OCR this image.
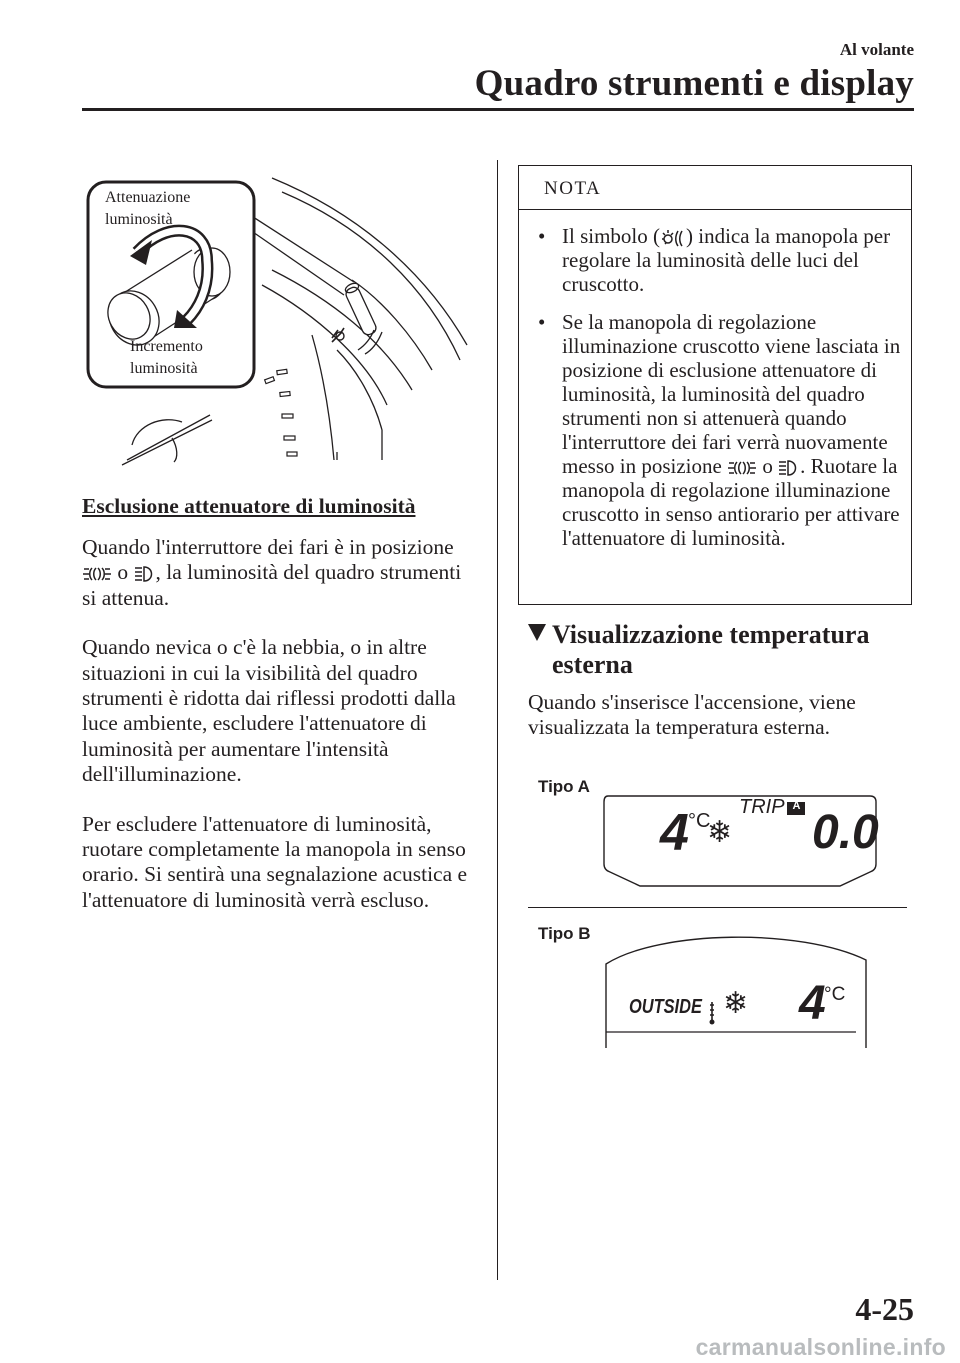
Al volante
Quadro strumenti e display
Attenuazione
luminosità
Incremento
luminosità
Esclusione attenuatore di luminosità

Quando l'interruttore dei fari è in posizione  o , la luminosità del quadro strumenti si attenua.

Quando nevica o c'è la nebbia, o in altre situazioni in cui la visibilità del quadro strumenti è ridotta dai riflessi prodotti dalla luce ambiente, escludere l'attenuatore di luminosità per aumentare l'intensità dell'illuminazione.

Per escludere l'attenuatore di luminosità, ruotare completamente la manopola in senso orario. Si sentirà una segnalazione acustica e l'attenuatore di luminosità verrà escluso.

NOTA
• Il simbolo ( ) indica la manopola per regolare la luminosità delle luci del cruscotto.
• Se la manopola di regolazione illuminazione cruscotto viene lasciata in posizione di esclusione attenuatore di luminosità, la luminosità del quadro strumenti non si attenuerà quando l'interruttore dei fari verrà nuovamente messo in posizione o . Ruotare la manopola di regolazione illuminazione cruscotto in senso antiorario per attivare l'attenuatore di luminosità.
Visualizzazione temperatura
esterna

Quando s'inserisce l'accensione, viene visualizzata la temperatura esterna.

Tipo A
4 °C
❄
TRIP A 0.0
Tipo B
OUTSIDE ❄ 4
°C
4-25
carmanualsonline.info
